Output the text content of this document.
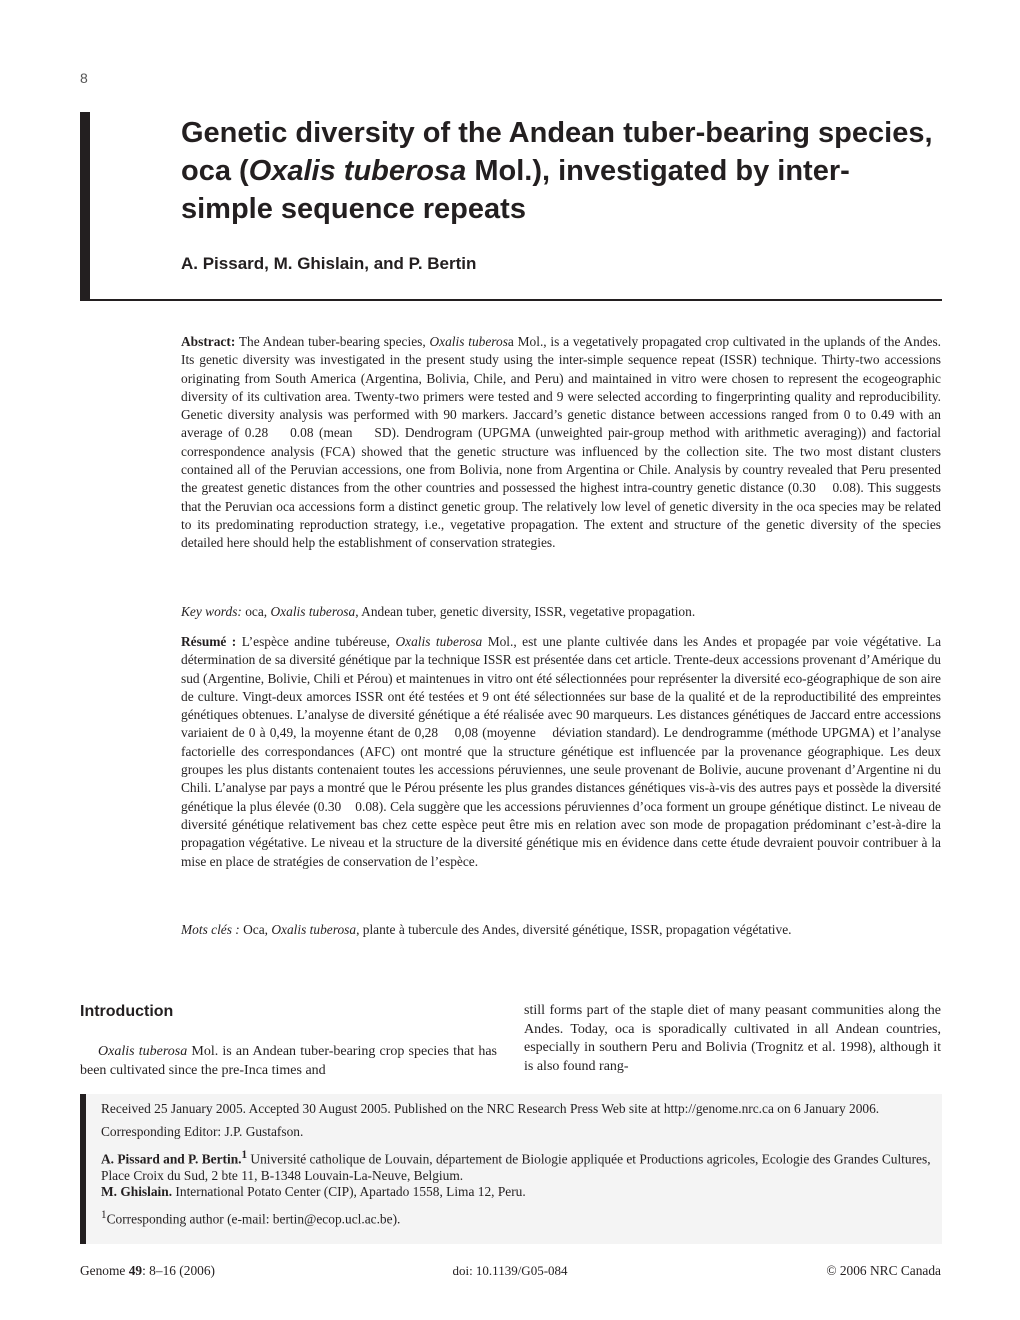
8
Genetic diversity of the Andean tuber-bearing species, oca (Oxalis tuberosa Mol.), investigated by inter-simple sequence repeats
A. Pissard, M. Ghislain, and P. Bertin

Abstract: The Andean tuber-bearing species, Oxalis tuberosa Mol., is a vegetatively propagated crop cultivated in the uplands of the Andes. Its genetic diversity was investigated in the present study using the inter-simple sequence repeat (ISSR) technique. Thirty-two accessions originating from South America (Argentina, Bolivia, Chile, and Peru) and maintained in vitro were chosen to represent the ecogeographic diversity of its cultivation area. Twenty-two primers were tested and 9 were selected according to fingerprinting quality and reproducibility. Genetic diversity analysis was performed with 90 markers. Jaccard’s genetic distance between accessions ranged from 0 to 0.49 with an average of 0.28    0.08 (mean    SD). Dendrogram (UPGMA (unweighted pair-group method with arithmetic averaging)) and factorial correspondence analysis (FCA) showed that the genetic structure was influenced by the collection site. The two most distant clusters contained all of the Peruvian accessions, one from Bolivia, none from Argentina or Chile. Analysis by country revealed that Peru presented the greatest genetic distances from the other countries and possessed the highest intra-country genetic distance (0.30    0.08). This suggests that the Peruvian oca accessions form a distinct genetic group. The relatively low level of genetic diversity in the oca species may be related to its predominating reproduction strategy, i.e., vegetative propagation. The extent and structure of the genetic diversity of the species detailed here should help the establishment of conservation strategies.

Key words: oca, Oxalis tuberosa, Andean tuber, genetic diversity, ISSR, vegetative propagation.

Résumé : L’espèce andine tubéreuse, Oxalis tuberosa Mol., est une plante cultivée dans les Andes et propagée par voie végétative. La détermination de sa diversité génétique par la technique ISSR est présentée dans cet article. Trente-deux accessions provenant d’Amérique du sud (Argentine, Bolivie, Chili et Pérou) et maintenues in vitro ont été sélectionnées pour représenter la diversité eco-géographique de son aire de culture. Vingt-deux amorces ISSR ont été testées et 9 ont été sélectionnées sur base de la qualité et de la reproductibilité des empreintes génétiques obtenues. L’analyse de diversité génétique a été réalisée avec 90 marqueurs. Les distances génétiques de Jaccard entre accessions variaient de 0 à 0,49, la moyenne étant de 0,28    0,08 (moyenne    déviation standard). Le dendrogramme (méthode UPGMA) et l’analyse factorielle des correspondances (AFC) ont montré que la structure génétique est influencée par la provenance géographique. Les deux groupes les plus distants contenaient toutes les accessions péruviennes, une seule provenant de Bolivie, aucune provenant d’Argentine ni du Chili. L’analyse par pays a montré que le Pérou présente les plus grandes distances génétiques vis-à-vis des autres pays et possède la diversité génétique la plus élevée (0.30    0.08). Cela suggère que les accessions péruviennes d’oca forment un groupe génétique distinct. Le niveau de diversité génétique relativement bas chez cette espèce peut être mis en relation avec son mode de propagation prédominant c’est-à-dire la propagation végétative. Le niveau et la structure de la diversité génétique mis en évidence dans cette étude devraient pouvoir contribuer à la mise en place de stratégies de conservation de l’espèce.

Mots clés : Oca, Oxalis tuberosa, plante à tubercule des Andes, diversité génétique, ISSR, propagation végétative.

Introduction
Oxalis tuberosa Mol. is an Andean tuber-bearing crop species that has been cultivated since the pre-Inca times and
still forms part of the staple diet of many peasant communities along the Andes. Today, oca is sporadically cultivated in all Andean countries, especially in southern Peru and Bolivia (Trognitz et al. 1998), although it is also found rang-

Received 25 January 2005. Accepted 30 August 2005. Published on the NRC Research Press Web site at http://genome.nrc.ca on 6 January 2006.

Corresponding Editor: J.P. Gustafson.

A. Pissard and P. Bertin.$^1$ Université catholique de Louvain, département de Biologie appliquée et Productions agricoles, Ecologie des Grandes Cultures, Place Croix du Sud, 2 bte 11, B-1348 Louvain-La-Neuve, Belgium.

M. Ghislain. International Potato Center (CIP), Apartado 1558, Lima 12, Peru.

$^1$Corresponding author (e-mail: bertin@ecop.ucl.ac.be).

Genome 49: 8–16 (2006)	doi: 10.1139/G05-084	© 2006 NRC Canada
